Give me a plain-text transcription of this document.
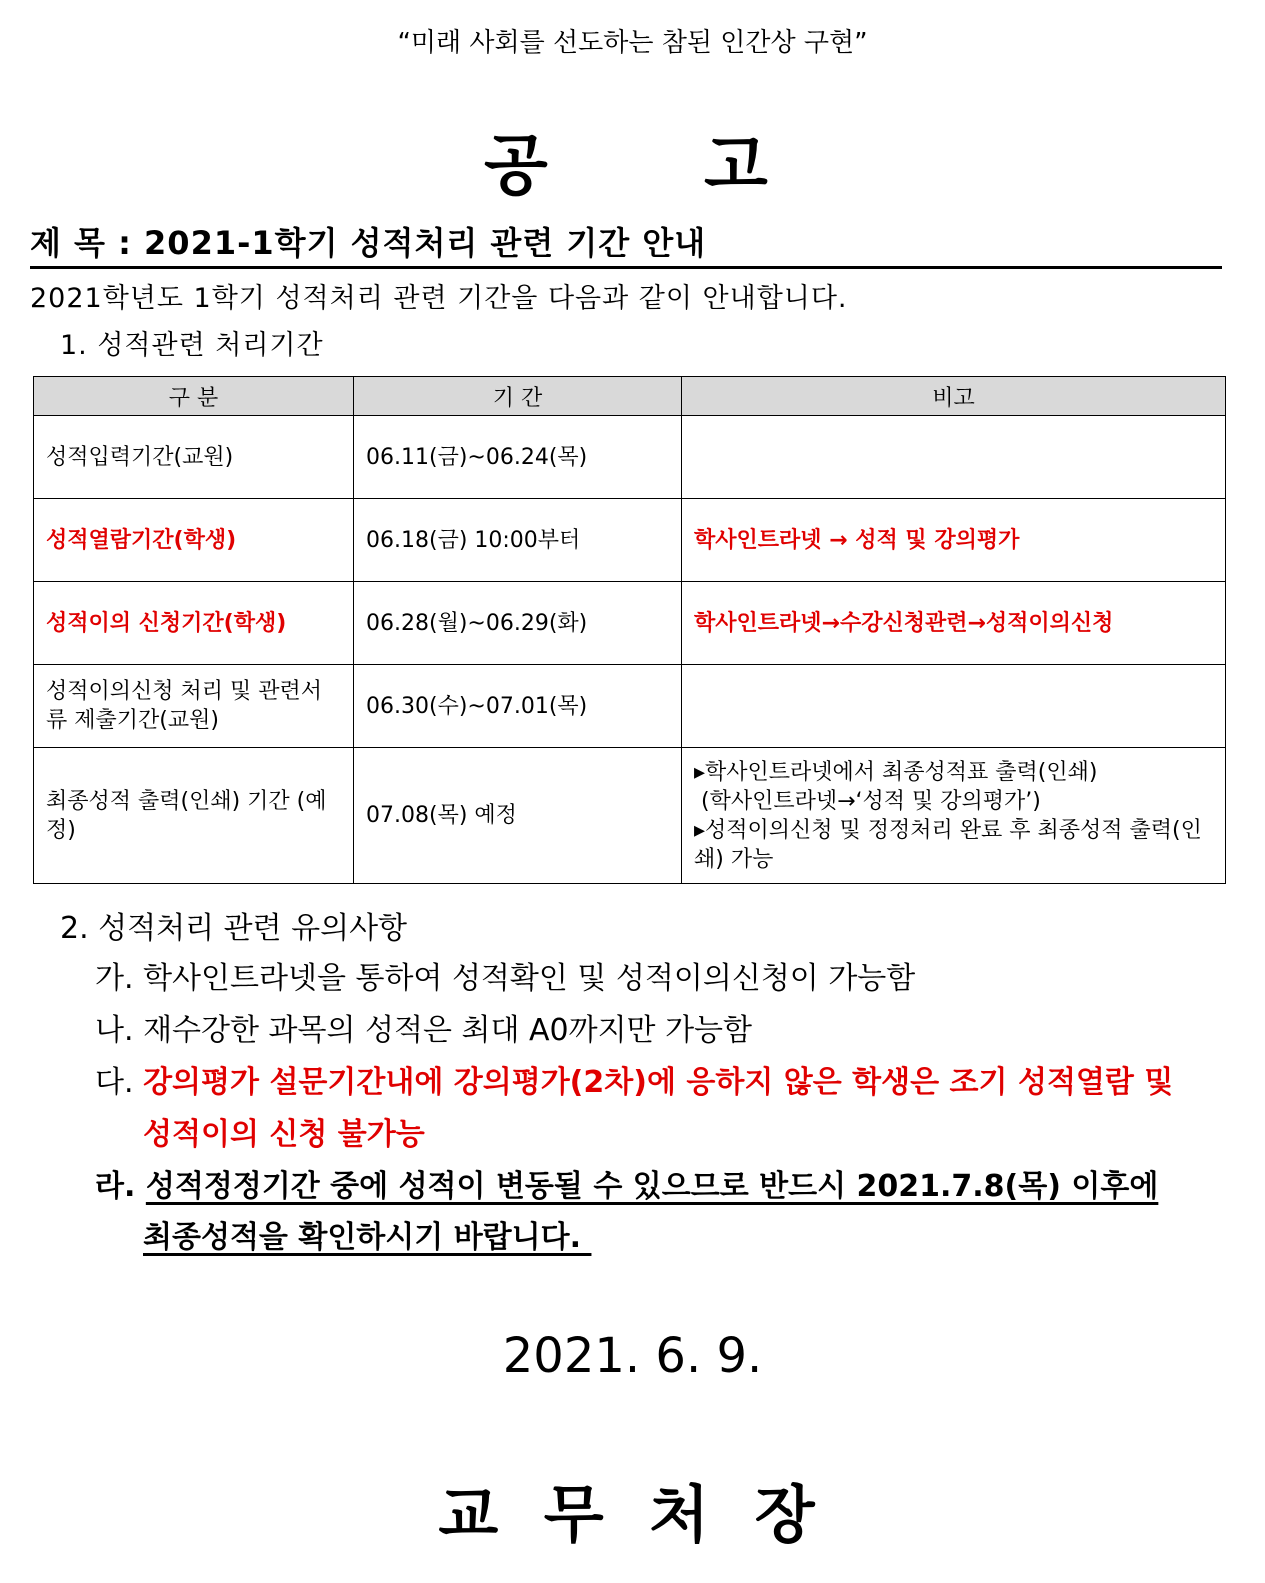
“미래 사회를 선도하는 참된 인간상 구현”
공 고
제 목 : 2021-1학기 성적처리 관련 기간 안내
2021학년도 1학기 성적처리 관련 기간을 다음과 같이 안내합니다.
1. 성적관련 처리기간
구 분	기 간	비고
성적입력기간(교원)	06.11(금)~06.24(목)	
성적열람기간(학생)	06.18(금) 10:00부터	학사인트라넷 → 성적 및 강의평가
성적이의 신청기간(학생)	06.28(월)~06.29(화)	학사인트라넷→수강신청관련→성적이의신청
성적이의신청 처리 및 관련서류 제출기간(교원)	06.30(수)~07.01(목)	
최종성적 출력(인쇄) 기간 (예정)	07.08(목) 예정	▸학사인트라넷에서 최종성적표 출력(인쇄)
(학사인트라넷→‘성적 및 강의평가’)
▸성적이의신청 및 정정처리 완료 후 최종성적 출력(인쇄) 가능
2. 성적처리 관련 유의사항
가. 학사인트라넷을 통하여 성적확인 및 성적이의신청이 가능함
나. 재수강한 과목의 성적은 최대 A0까지만 가능함
다. 강의평가 설문기간내에 강의평가(2차)에 응하지 않은 학생은 조기 성적열람 및
성적이의 신청 불가능
라. 성적정정기간 중에 성적이 변동될 수 있으므로 반드시 2021.7.8(목) 이후에
최종성적을 확인하시기 바랍니다.
2021. 6. 9.
교 무 처 장
